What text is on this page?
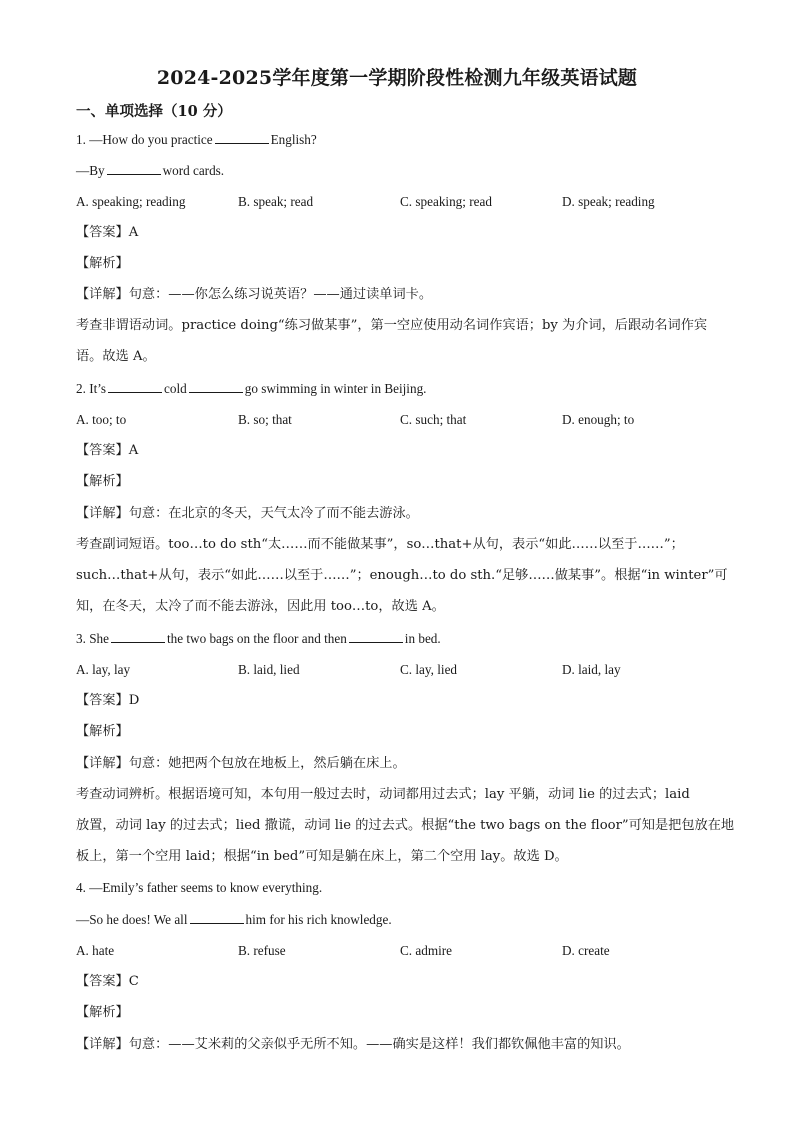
2024-2025学年度第一学期阶段性检测九年级英语试题
一、单项选择（10 分）
1. —How do you practice	English?
—By	word cards.
A. speaking; reading	B. speak; read	C. speaking; read	D. speak; reading
【答案】A
【解析】
【详解】句意：——你怎么练习说英语？——通过读单词卡。
考查非谓语动词。practice doing“练习做某事”，第一空应使用动名词作宾语；by 为介词，后跟动名词作宾
语。故选 A。
2. It’s	cold	go swimming in winter in Beijing.
A. too; to	B. so; that	C. such; that	D. enough; to
【答案】A
【解析】
【详解】句意：在北京的冬天，天气太冷了而不能去游泳。
考查副词短语。too…to do sth“太……而不能做某事”，so…that+从句，表示“如此……以至于……”；
such…that+从句，表示“如此……以至于……”；enough…to do sth.“足够……做某事”。根据“in winter”可
知，在冬天，太冷了而不能去游泳，因此用 too…to，故选 A。
3. She	the two bags on the floor and then	in bed.
A. lay, lay	B. laid, lied	C. lay, lied	D. laid, lay
【答案】D
【解析】
【详解】句意：她把两个包放在地板上，然后躺在床上。
考查动词辨析。根据语境可知，本句用一般过去时，动词都用过去式；lay 平躺，动词 lie 的过去式；laid
放置，动词 lay 的过去式；lied 撒谎，动词 lie 的过去式。根据“the two bags on the floor”可知是把包放在地
板上，第一个空用 laid；根据“in bed”可知是躺在床上，第二个空用 lay。故选 D。
4. —Emily’s father seems to know everything.
—So he does! We all	him for his rich knowledge.
A. hate	B. refuse	C. admire	D. create
【答案】C
【解析】
【详解】句意：——艾米莉的父亲似乎无所不知。——确实是这样！我们都钦佩他丰富的知识。
